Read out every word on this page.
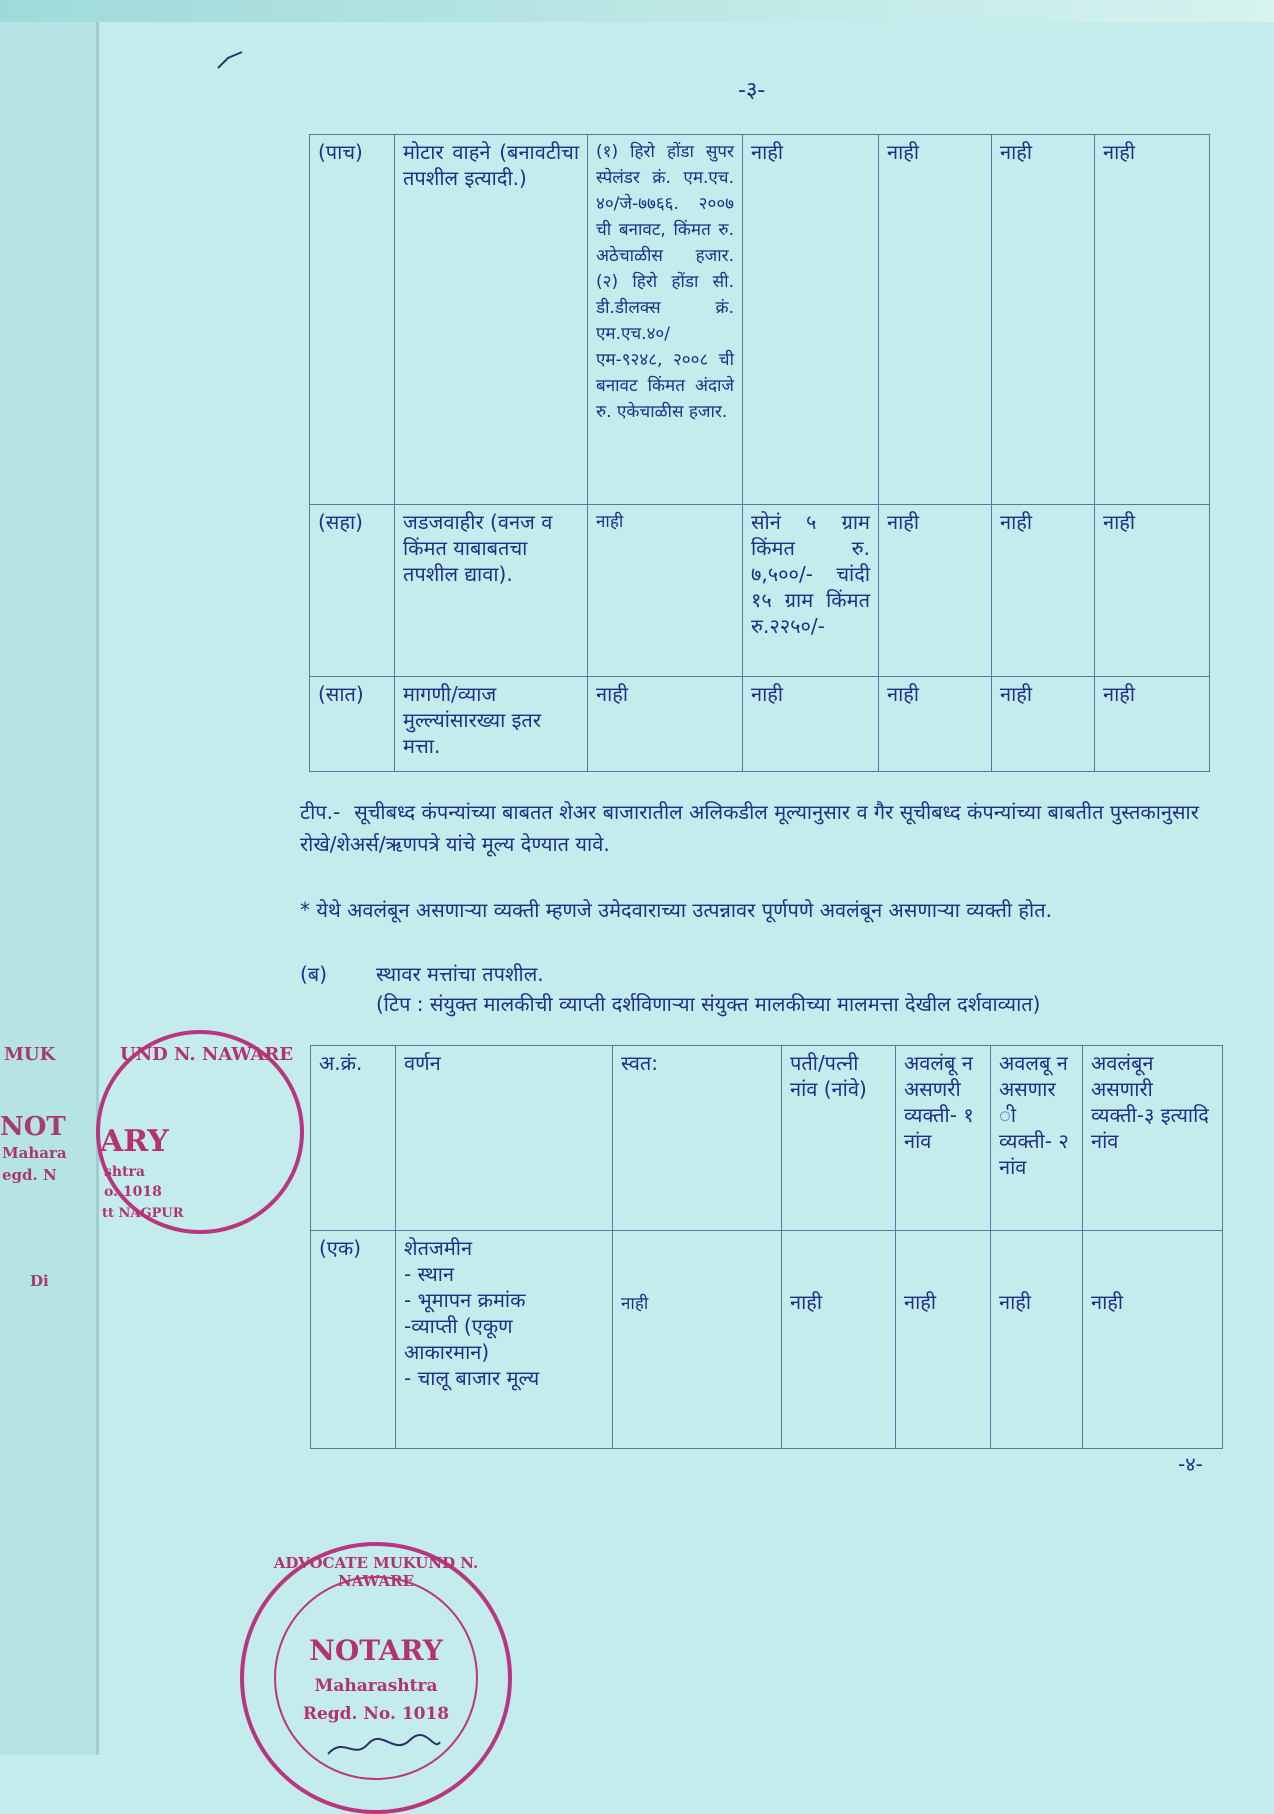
MUK
NOT
Mahara
egd. N
Di
UND N. NAWARE
ARY
shtra
o. 1018
tt NAGPUR
-३-
(पाच)	मोटार वाहने (बनावटीचा तपशील इत्यादी.)	(१) हिरो होंडा सुपर स्पेलंडर क्रं. एम.एच. ४०/जे-७७६६. २००७ ची बनावट, किंमत रु. अठेचाळीस हजार. (२) हिरो होंडा सी. डी.डीलक्स क्रं. एम.एच.४०/ एम-९२४८, २००८ ची बनावट किंमत अंदाजे रु. एकेचाळीस हजार.	नाही	नाही	नाही	नाही
(सहा)	जडजवाहीर (वनज व किंमत याबाबतचा तपशील द्यावा).	नाही	सोनं ५ ग्राम किंमत रु. ७,५००/- चांदी १५ ग्राम किंमत रु.२२५०/-	नाही	नाही	नाही
(सात)	मागणी/व्याज मुल्ल्यांसारख्या इतर मत्ता.	नाही	नाही	नाही	नाही	नाही
टीप.- सूचीबध्द कंपन्यांच्या बाबतत शेअर बाजारातील अलिकडील मूल्यानुसार व गैर सूचीबध्द कंपन्यांच्या बाबतीत पुस्तकानुसार रोखे/शेअर्स/ऋणपत्रे यांचे मूल्य देण्यात यावे.
* येथे अवलंबून असणाऱ्या व्यक्ती म्हणजे उमेदवाराच्या उत्पन्नावर पूर्णपणे अवलंबून असणाऱ्या व्यक्ती होत.
(ब) स्थावर मत्तांचा तपशील.
(टिप : संयुक्त मालकीची व्याप्ती दर्शविणाऱ्या संयुक्त मालकीच्या मालमत्ता देखील दर्शवाव्यात)
अ.क्रं.	वर्णन	स्वत:	पती/पत्नी नांव (नांवे)	अवलंबू न असणरी व्यक्ती- १ नांव	अवलबू न असणार ी व्यक्ती- २ नांव	अवलंबून असणारी व्यक्ती-३ इत्यादि नांव
(एक)	शेतजमीन
- स्थान
- भूमापन क्रमांक
-व्याप्ती (एकूण आकारमान)
- चालू बाजार मूल्य	नाही	नाही	नाही	नाही	नाही
-४-
ADVOCATE MUKUND N. NAWARE
NOTARY
Maharashtra
Regd. No. 1018
